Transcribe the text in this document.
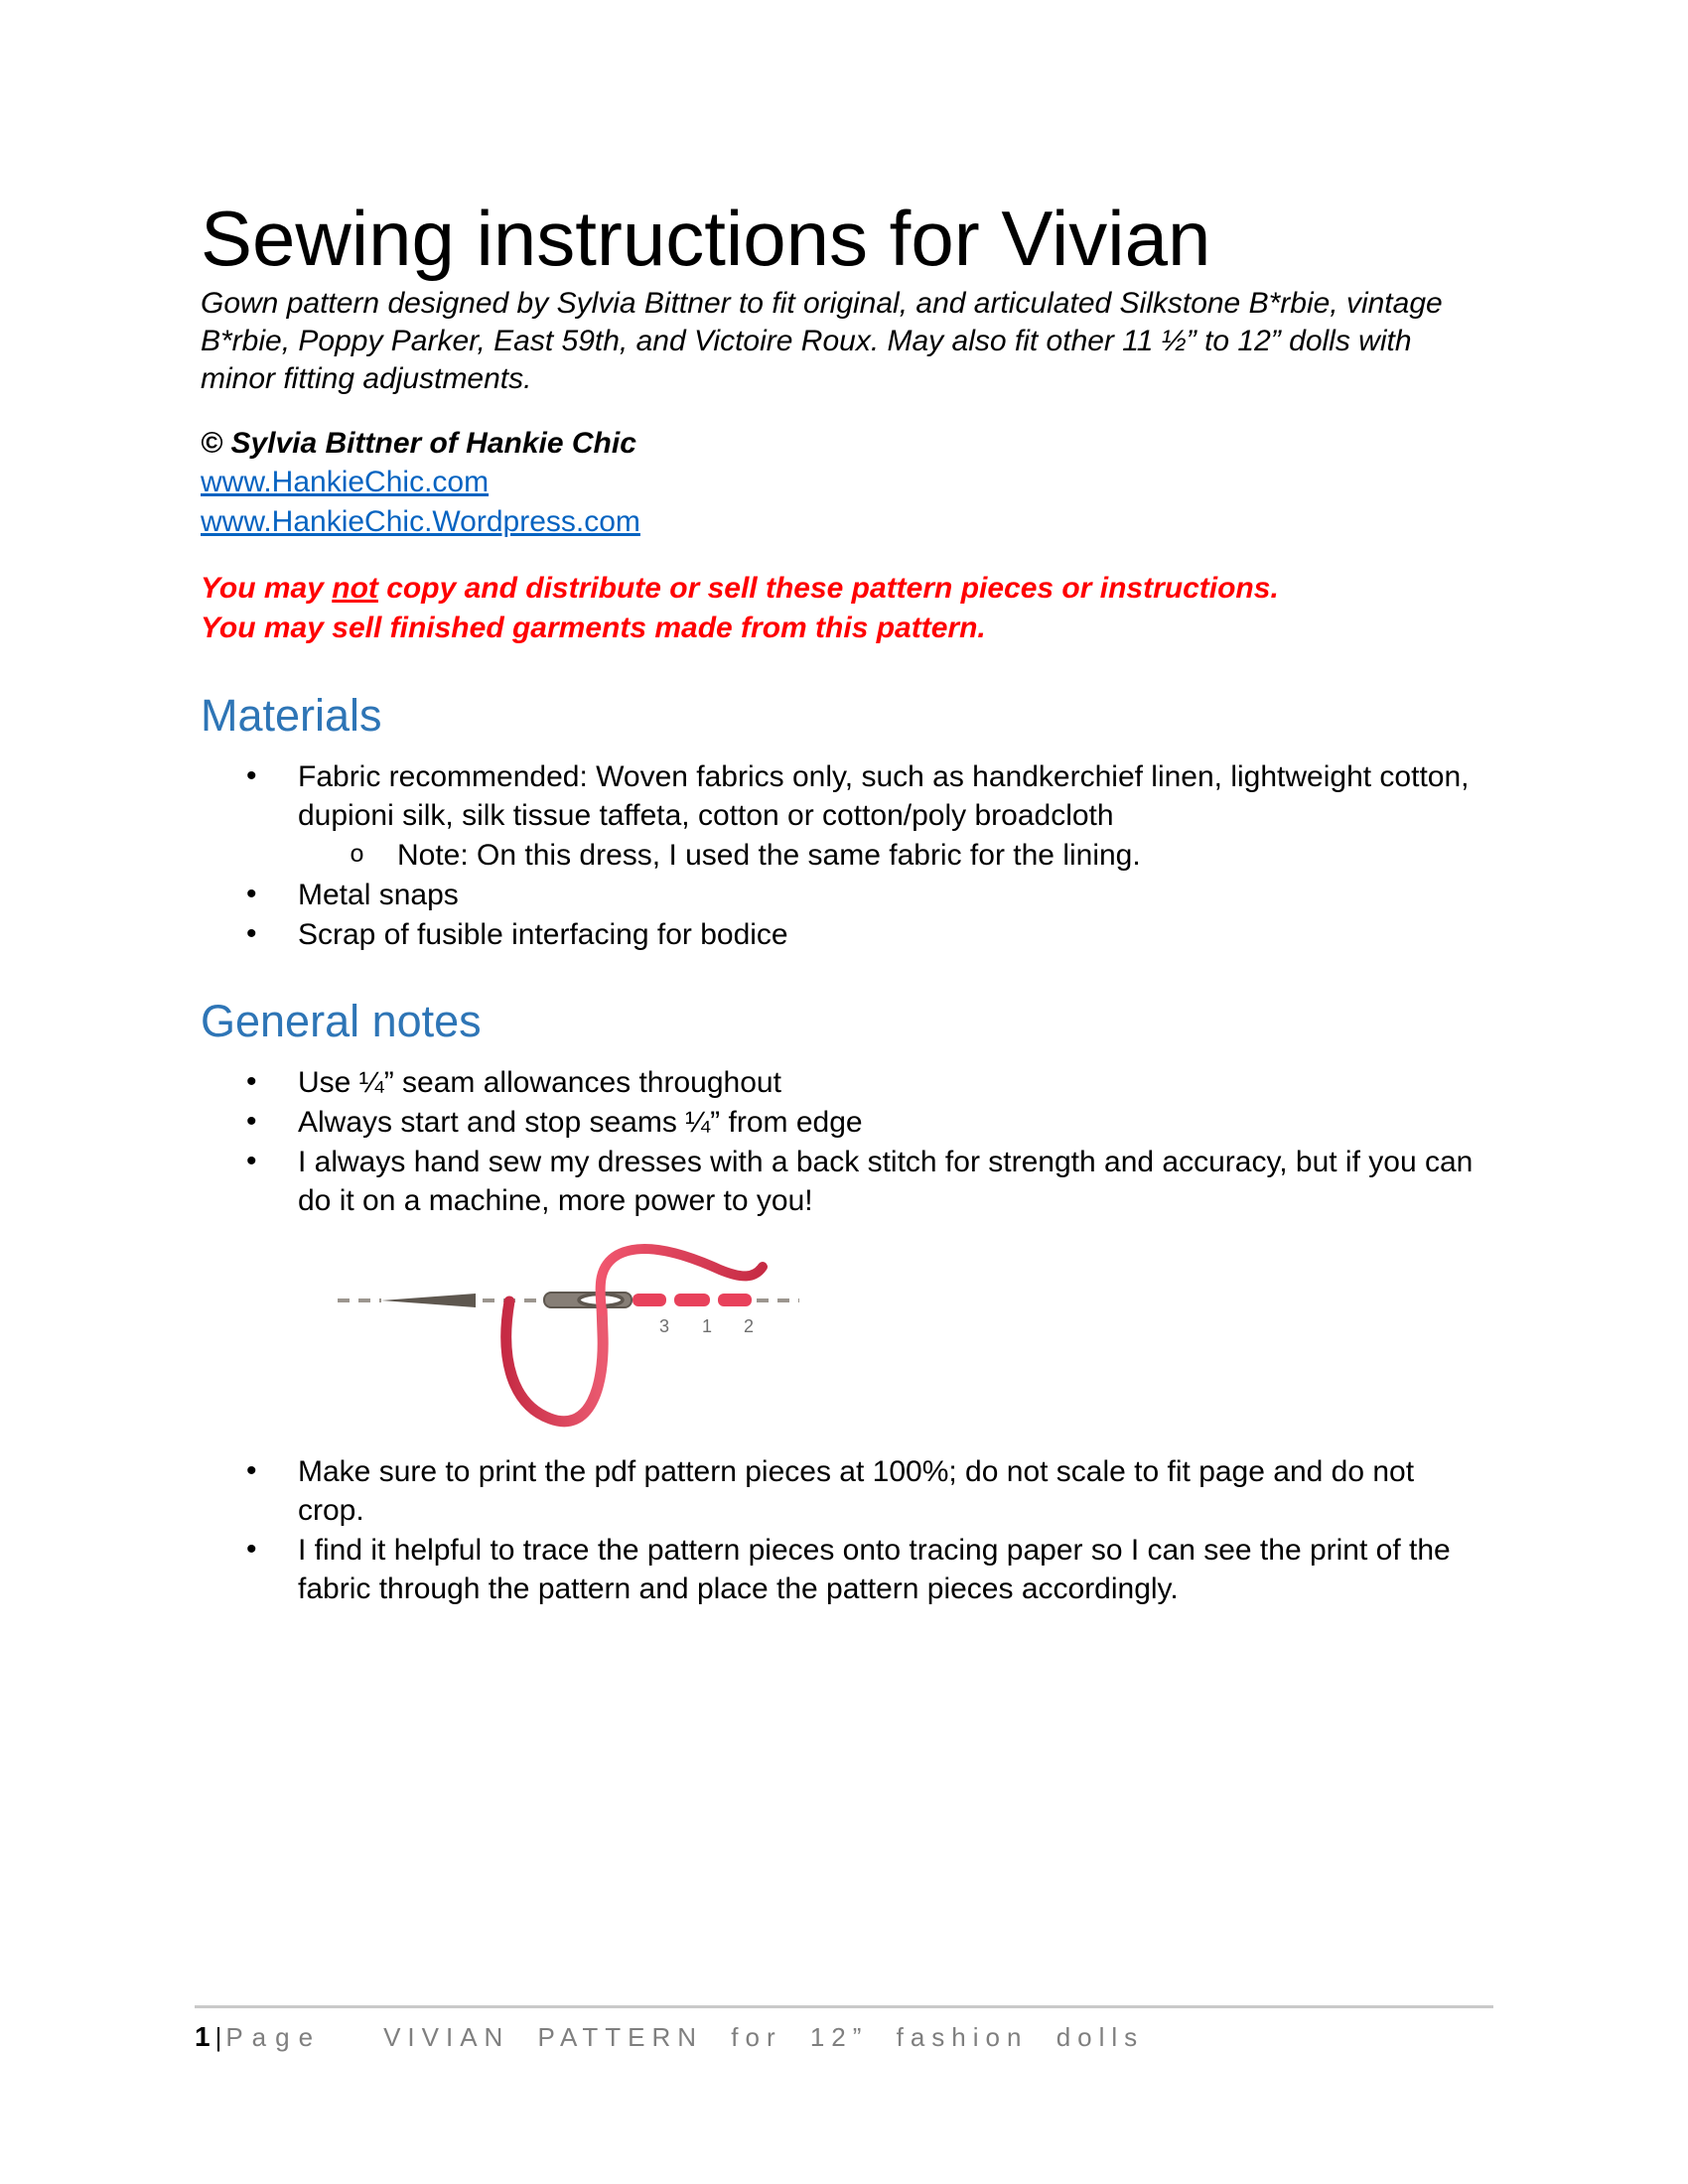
Sewing instructions for Vivian

Gown pattern designed by Sylvia Bittner to fit original, and articulated Silkstone B*rbie, vintage B*rbie, Poppy Parker, East 59th, and Victoire Roux. May also fit other 11 ½” to 12” dolls with minor fitting adjustments.

© Sylvia Bittner of Hankie Chic

www.HankieChic.com
www.HankieChic.Wordpress.com

You may not copy and distribute or sell these pattern pieces or instructions.
You may sell finished garments made from this pattern.

Materials
• Fabric recommended: Woven fabrics only, such as handkerchief linen, lightweight cotton, dupioni silk, silk tissue taffeta, cotton or cotton/poly broadcloth
o Note: On this dress, I used the same fabric for the lining.
• Metal snaps
• Scrap of fusible interfacing for bodice
General notes
• Use ¼” seam allowances throughout
• Always start and stop seams ¼” from edge
• I always hand sew my dresses with a back stitch for strength and accuracy, but if you can do it on a machine, more power to you!
3 1 2
• Make sure to print the pdf pattern pieces at 100%; do not scale to fit page and do not crop.
• I find it helpful to trace the pattern pieces onto tracing paper so I can see the print of the fabric through the pattern and place the pattern pieces accordingly.
1 | Page VIVIAN PATTERN for 12” fashion dolls
